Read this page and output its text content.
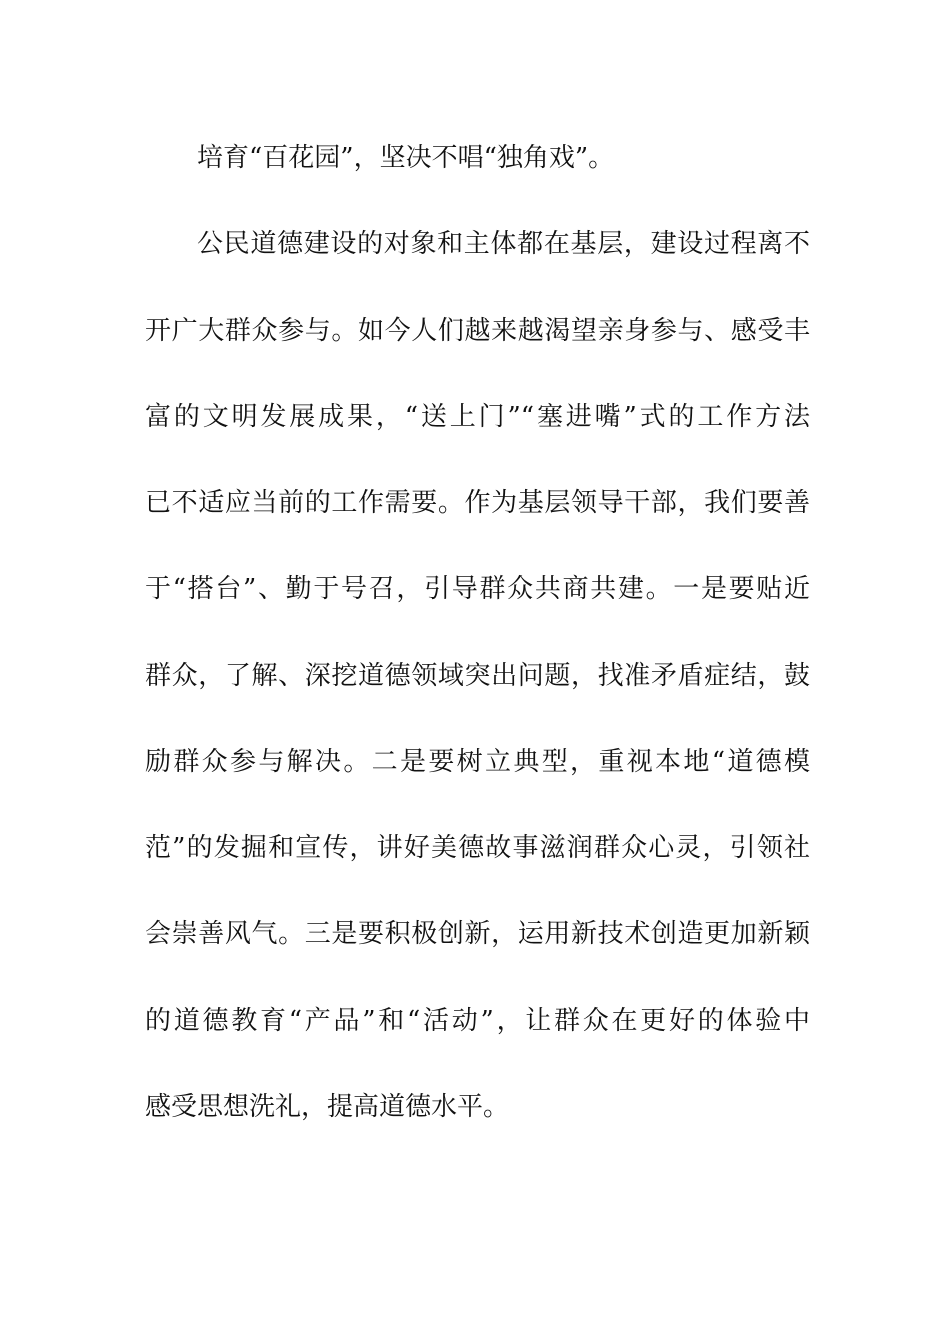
培育“百花园”，坚决不唱“独角戏”。
公民道德建设的对象和主体都在基层，建设过程离不
开广大群众参与。如今人们越来越渴望亲身参与、感受丰
富的文明发展成果，“送上门”“塞进嘴”式的工作方法
已不适应当前的工作需要。作为基层领导干部，我们要善
于“搭台”、勤于号召，引导群众共商共建。一是要贴近
群众，了解、深挖道德领域突出问题，找准矛盾症结，鼓
励群众参与解决。二是要树立典型，重视本地“道德模
范”的发掘和宣传，讲好美德故事滋润群众心灵，引领社
会崇善风气。三是要积极创新，运用新技术创造更加新颖
的道德教育“产品”和“活动”，让群众在更好的体验中
感受思想洗礼，提高道德水平。
